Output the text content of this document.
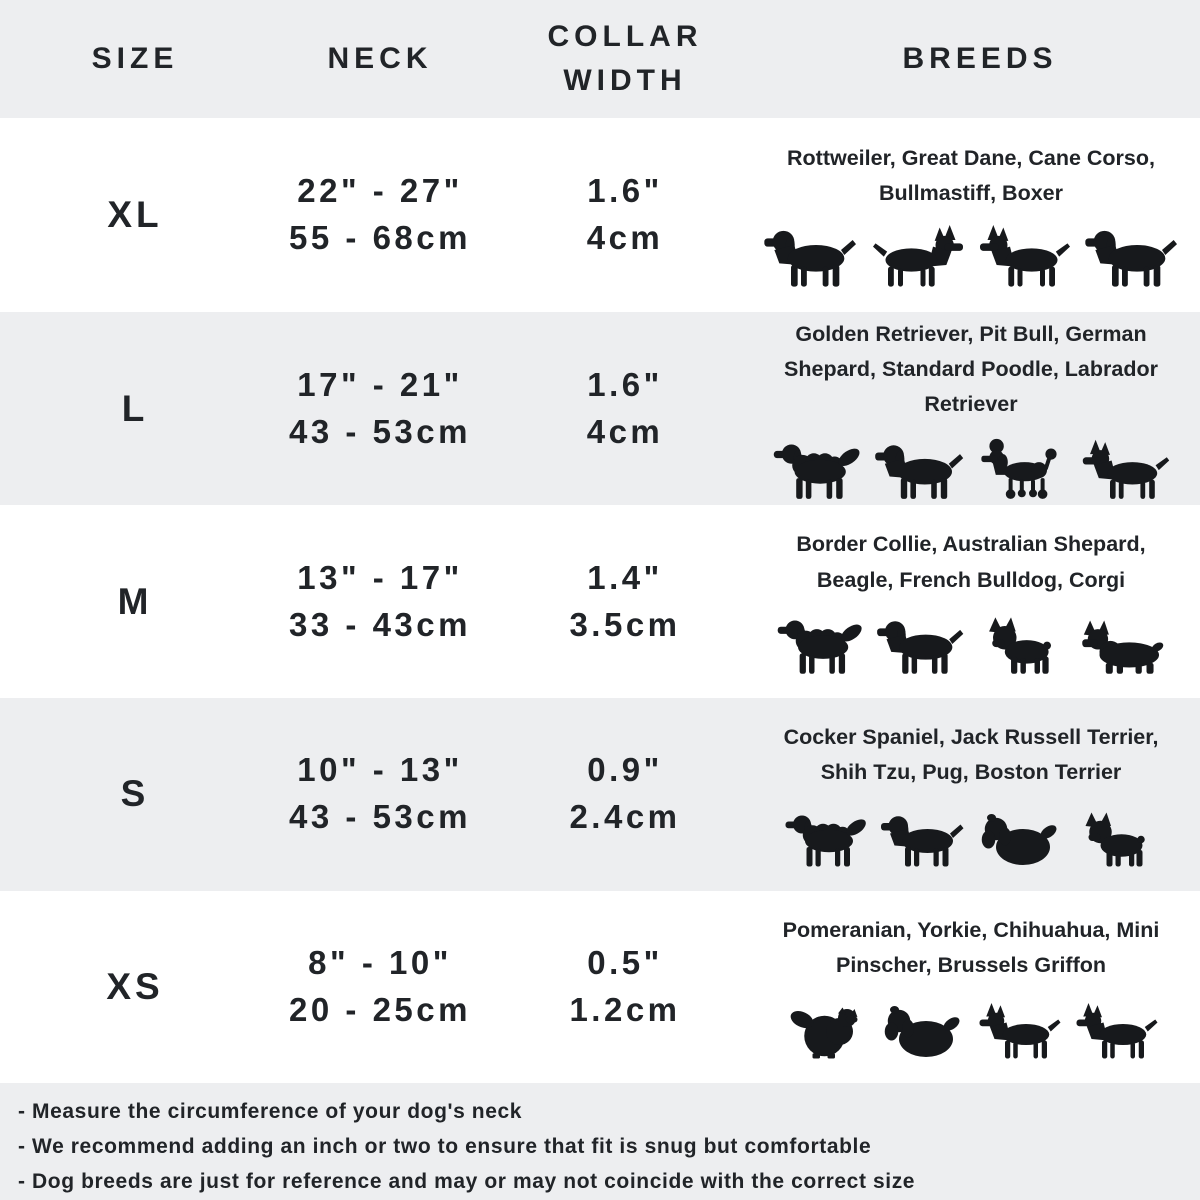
SIZE	NECK
COLLAR WIDTH
BREEDS
XL
22" - 27"
55 - 68cm
1.6"
4cm
Rottweiler, Great Dane, Cane Corso, Bullmastiff, Boxer
L
17" - 21"
43 - 53cm
1.6"
4cm
Golden Retriever, Pit Bull, German Shepard, Standard Poodle, Labrador Retriever
M
13" - 17"
33 - 43cm
1.4"
3.5cm
Border Collie, Australian Shepard, Beagle, French Bulldog, Corgi
S
10" - 13"
43 - 53cm
0.9"
2.4cm
Cocker Spaniel, Jack Russell Terrier, Shih Tzu, Pug, Boston Terrier
XS
8" - 10"
20 - 25cm
0.5"
1.2cm
Pomeranian, Yorkie, Chihuahua, Mini Pinscher, Brussels Griffon
- Measure the circumference of your dog's neck
- We recommend adding an inch or two to ensure that fit is snug but comfortable
- Dog breeds are just for reference and may or may not coincide with the correct size
